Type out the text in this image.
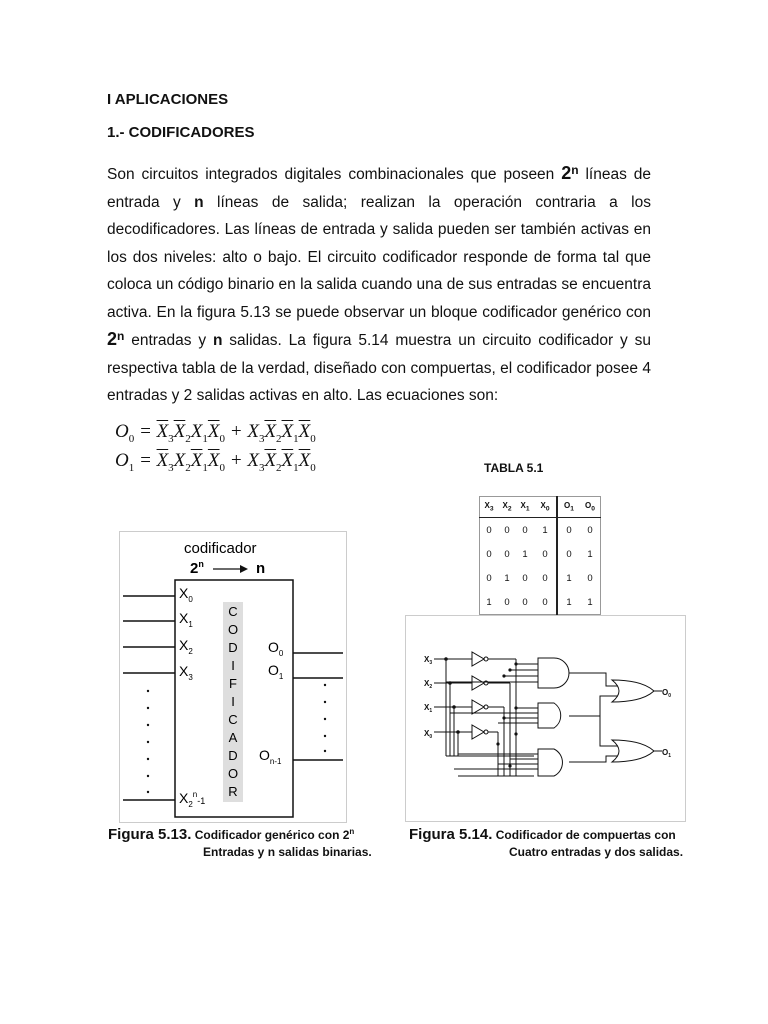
I APLICACIONES
1.- CODIFICADORES
Son circuitos integrados digitales combinacionales que poseen 2$^n$ líneas de entrada y n líneas de salida; realizan la operación contraria a los decodificadores. Las líneas de entrada y salida pueden ser también activas en los dos niveles: alto o bajo. El circuito codificador responde de forma tal que coloca un código binario en la salida cuando una de sus entradas se encuentra activa. En la figura 5.13 se puede observar un bloque codificador genérico con 2$^n$ entradas y n salidas. La figura 5.14 muestra un circuito codificador y su respectiva tabla de la verdad, diseñado con compuertas, el codificador posee 4 entradas y 2 salidas activas en alto. Las ecuaciones son:
$O_0 = \overline{X}_3\overline{X}_2X_1\overline{X}_0 + X_3\overline{X}_2\overline{X}_1\overline{X}_0$
$O_1 = \overline{X}_3X_2\overline{X}_1\overline{X}_0 + X_3\overline{X}_2\overline{X}_1\overline{X}_0$	TABLA 5.1
$X_3$	$X_2$	$X_1$	$X_0$	$O_1$	$O_0$
0	0	0	1	0	0
0	0	1	0	0	1
0	1	0	0	1	0
1	0	0	0	1	1
codificador
2$^n$	n
$X_0$
$X_1$
$X_2$
$X_3$
$X_2^n_{-1}$
C
O
D
I
F
I
C
A
D
O
R
$O_0$
$O_1$
$O_{n-1}$
Figura 5.13. Codificador genérico con 2$^n$
Entradas y n salidas binarias.
$X_3$
$X_2$
$X_1$
$X_0$
$O_0$
$O_1$
Figura 5.14. Codificador de compuertas con
Cuatro entradas y dos salidas.
